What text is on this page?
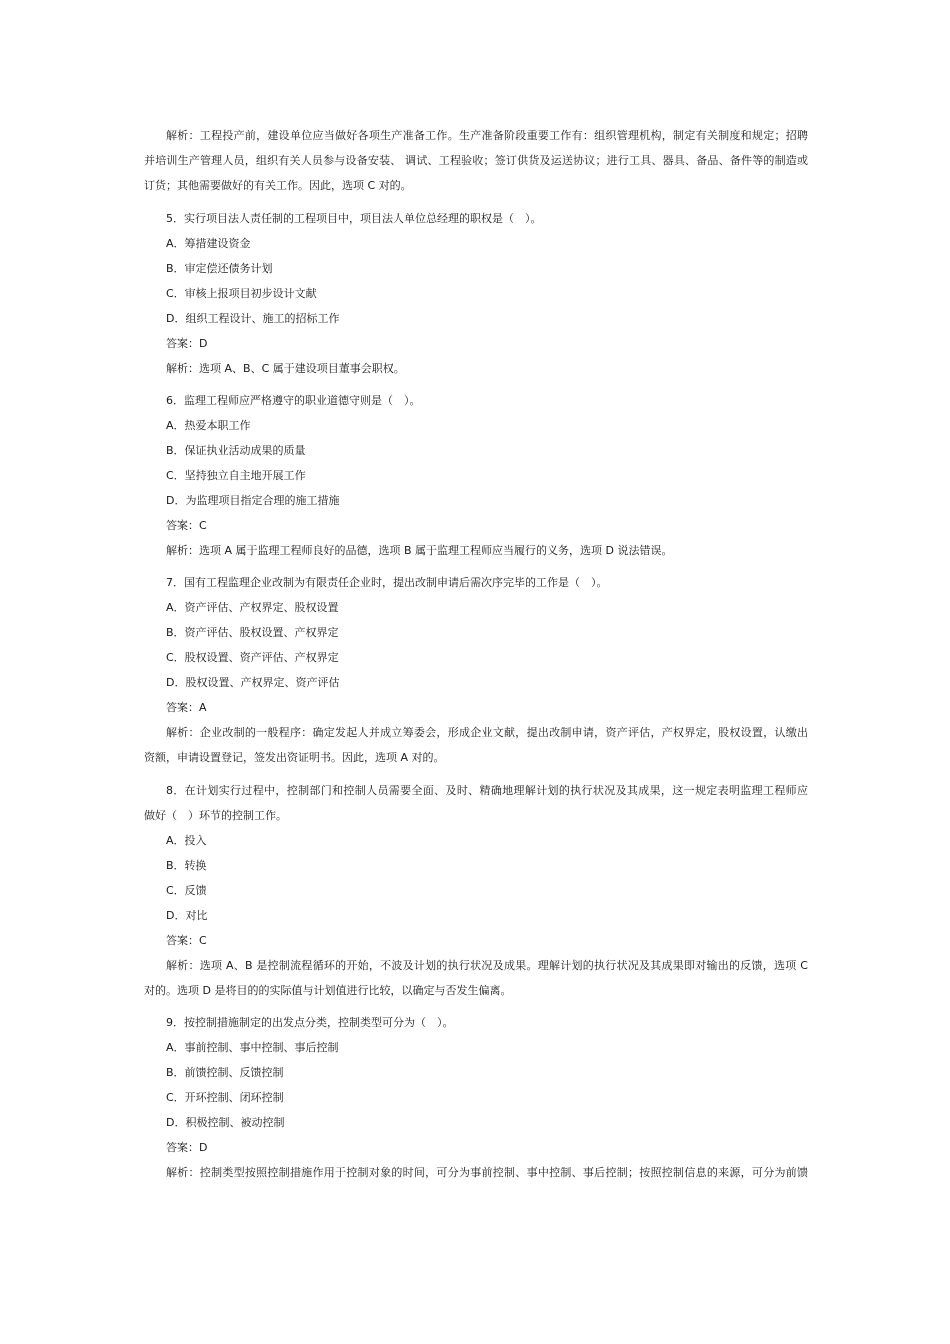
解析：工程投产前，建设单位应当做好各项生产准备工作。生产准备阶段重要工作有：组织管理机构，制定有关制度和规定；招聘
并培训生产管理人员，组织有关人员参与设备安装、 调试、工程验收；签订供货及运送协议；进行工具、器具、备品、备件等的制造或
订货；其他需要做好的有关工作。因此，选项 C 对的。
5．实行项目法人责任制的工程项目中，项目法人单位总经理的职权是（　）。
A．筹措建设资金
B．审定偿还债务计划
C．审核上报项目初步设计文献
D．组织工程设计、施工的招标工作
答案：D
解析：选项 A、B、C 属于建设项目董事会职权。
6．监理工程师应严格遵守的职业道德守则是（　）。
A．热爱本职工作
B．保证执业活动成果的质量
C．坚持独立自主地开展工作
D．为监理项目指定合理的施工措施
答案：C
解析：选项 A 属于监理工程师良好的品德，选项 B 属于监理工程师应当履行的义务，选项 D 说法错误。
7．国有工程监理企业改制为有限责任企业时，提出改制申请后需次序完毕的工作是（　）。
A．资产评估、产权界定、股权设置
B．资产评估、股权设置、产权界定
C．股权设置、资产评估、产权界定
D．股权设置、产权界定、资产评估
答案：A
解析：企业改制的一般程序：确定发起人并成立筹委会，形成企业文献，提出改制申请，资产评估，产权界定，股权设置，认缴出
资额，申请设置登记，签发出资证明书。因此，选项 A 对的。
8．在计划实行过程中，控制部门和控制人员需要全面、及时、精确地理解计划的执行状况及其成果，这一规定表明监理工程师应
做好（　）环节的控制工作。
A．投入
B．转换
C．反馈
D．对比
答案：C
解析：选项 A、B 是控制流程循环的开始，不波及计划的执行状况及成果。理解计划的执行状况及其成果即对输出的反馈，选项 C
对的。选项 D 是将目的的实际值与计划值进行比较，以确定与否发生偏离。
9．按控制措施制定的出发点分类，控制类型可分为（　）。
A．事前控制、事中控制、事后控制
B．前馈控制、反馈控制
C．开环控制、闭环控制
D．积极控制、被动控制
答案：D
解析：控制类型按照控制措施作用于控制对象的时间，可分为事前控制、事中控制、事后控制；按照控制信息的来源，可分为前馈
